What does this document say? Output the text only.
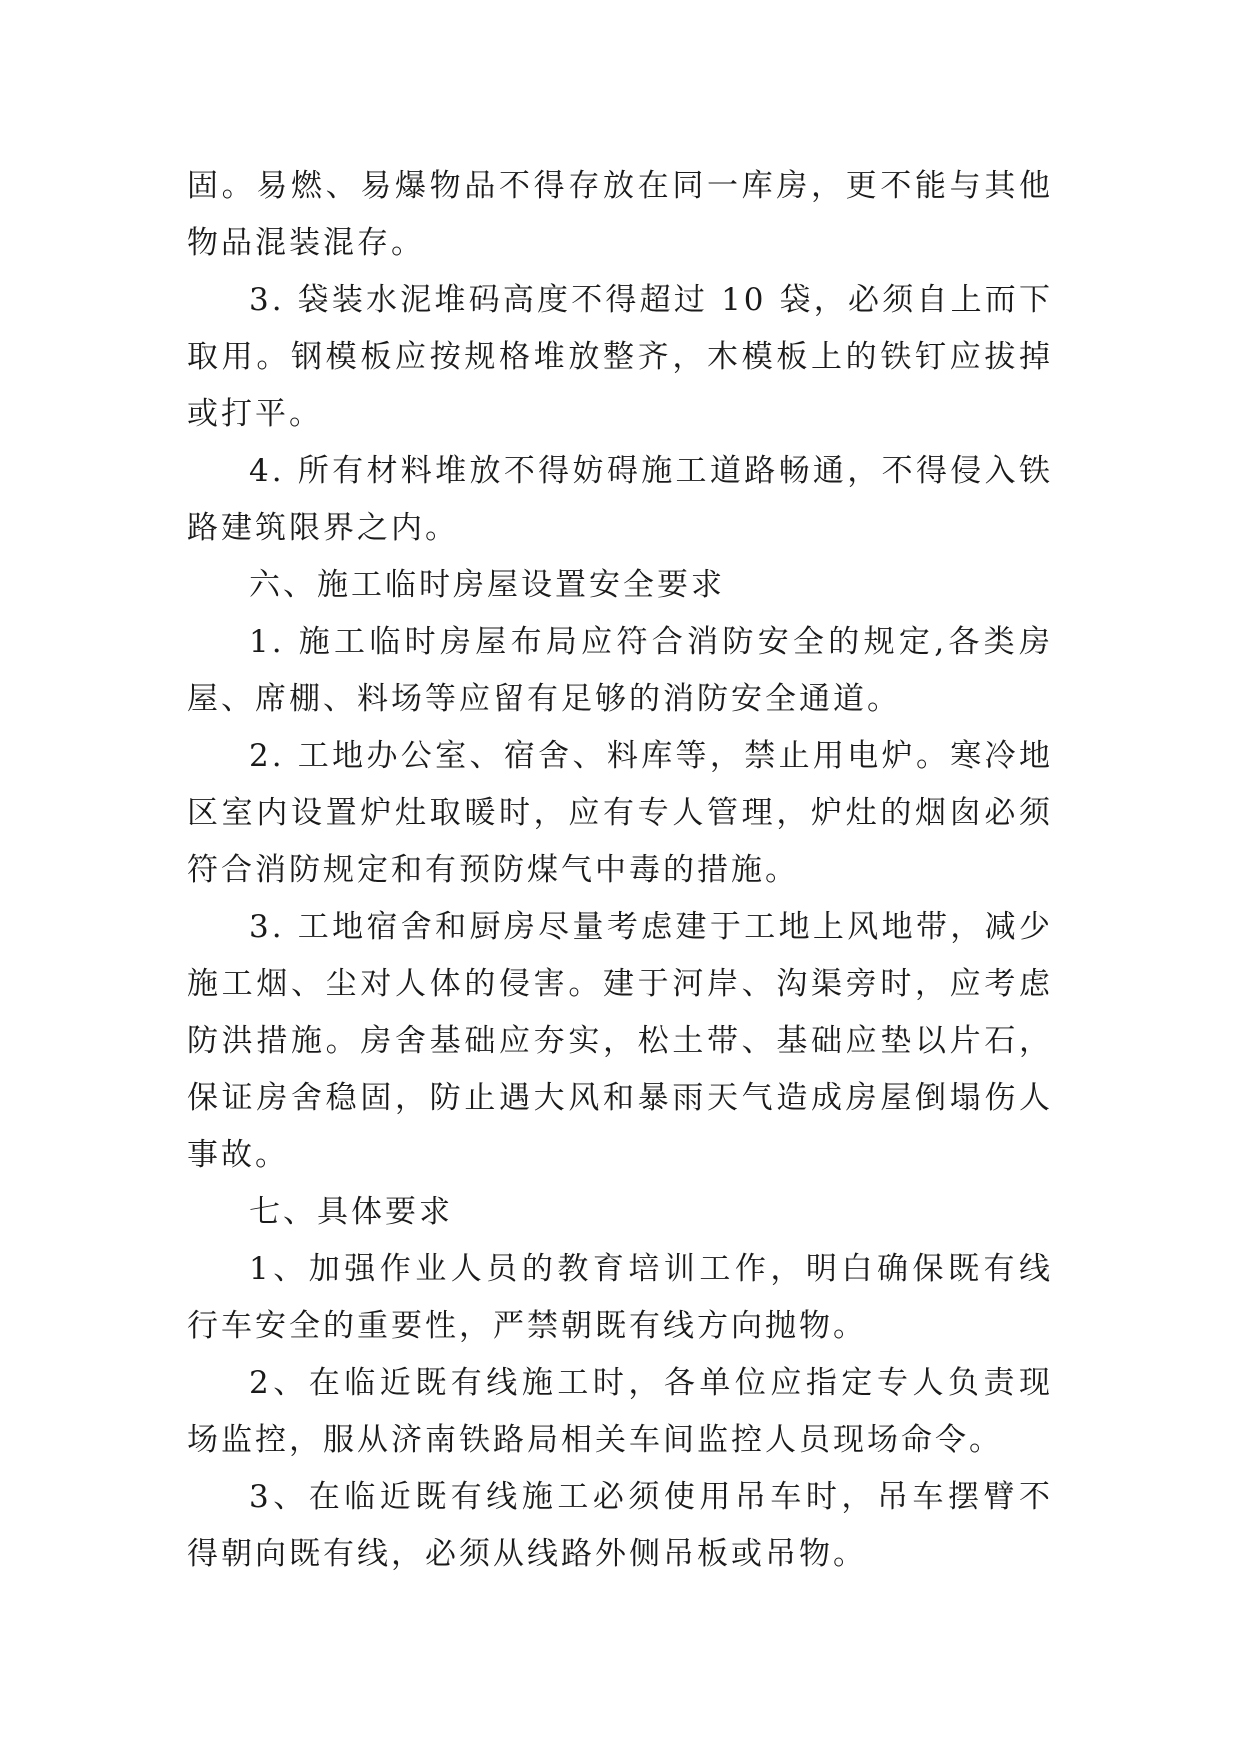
固。易燃、易爆物品不得存放在同一库房，更不能与其他物品混装混存。

3. 袋装水泥堆码高度不得超过 10 袋，必须自上而下取用。钢模板应按规格堆放整齐，木模板上的铁钉应拔掉或打平。

4. 所有材料堆放不得妨碍施工道路畅通，不得侵入铁路建筑限界之内。

六、施工临时房屋设置安全要求

1. 施工临时房屋布局应符合消防安全的规定,各类房屋、席棚、料场等应留有足够的消防安全通道。

2. 工地办公室、宿舍、料库等，禁止用电炉。寒冷地区室内设置炉灶取暖时，应有专人管理，炉灶的烟囱必须符合消防规定和有预防煤气中毒的措施。

3. 工地宿舍和厨房尽量考虑建于工地上风地带，减少施工烟、尘对人体的侵害。建于河岸、沟渠旁时，应考虑防洪措施。房舍基础应夯实，松土带、基础应垫以片石，保证房舍稳固，防止遇大风和暴雨天气造成房屋倒塌伤人事故。

七、具体要求

1、加强作业人员的教育培训工作，明白确保既有线行车安全的重要性，严禁朝既有线方向抛物。

2、在临近既有线施工时，各单位应指定专人负责现场监控，服从济南铁路局相关车间监控人员现场命令。

3、在临近既有线施工必须使用吊车时，吊车摆臂不得朝向既有线，必须从线路外侧吊板或吊物。
